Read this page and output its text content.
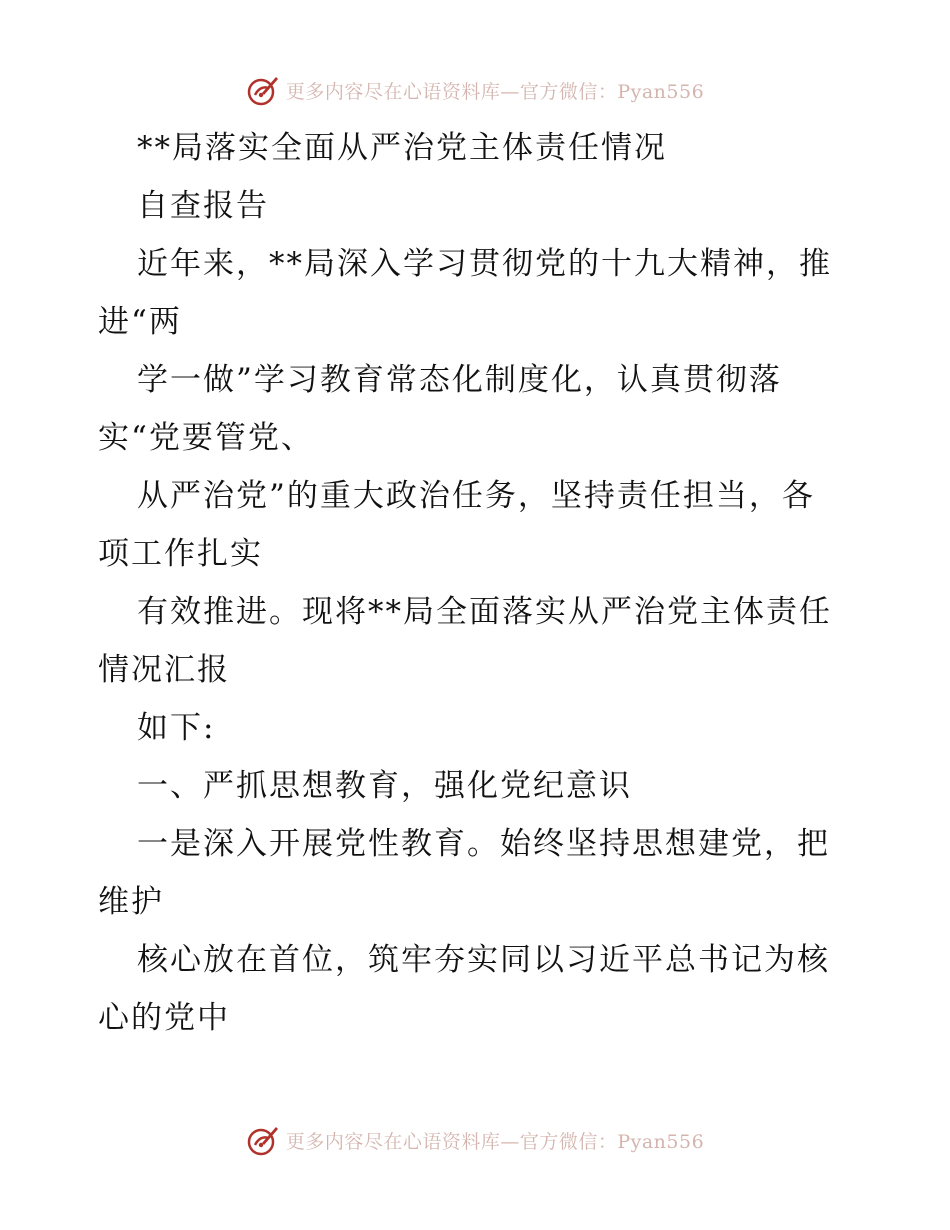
更多内容尽在心语资料库—官方微信：Pyan556
**局落实全面从严治党主体责任情况
自查报告
近年来，**局深入学习贯彻党的十九大精神，推
进“两
学一做”学习教育常态化制度化，认真贯彻落
实“党要管党、
从严治党”的重大政治任务，坚持责任担当，各
项工作扎实
有效推进。现将**局全面落实从严治党主体责任
情况汇报
如下:
一、严抓思想教育，强化党纪意识
一是深入开展党性教育。始终坚持思想建党，把
维护
核心放在首位，筑牢夯实同以习近平总书记为核
心的党中
更多内容尽在心语资料库—官方微信：Pyan556
